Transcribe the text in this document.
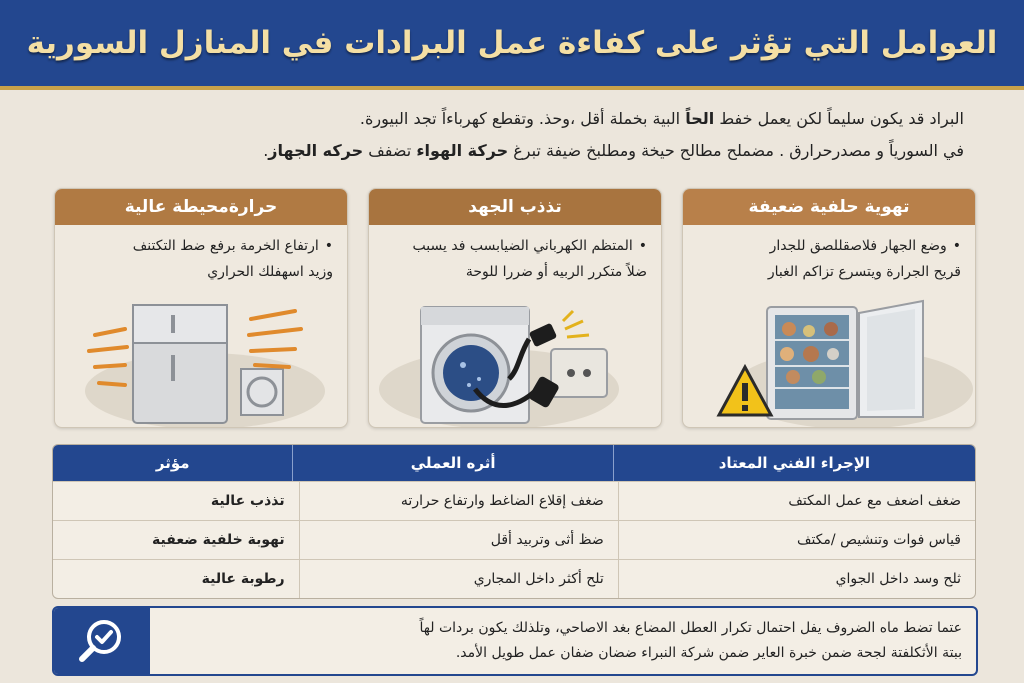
العوامل التي تؤثر على كفاءة عمل البرادات في المنازل السورية

البراد قد يكون سليماً لكن يعمل خفط الحاً البية بخملة أقل ،وحذ. وتقطع كهرباءاً تجد البيورة.

في السورياً و مصدرحرارق . مضملح مطالح حيخة ومطلبخ ضيفة تبرغ حركة الهواء تضفف حركه الجهاز.

تهوية حلفية ضعيفة
•وضع الجهار فلاصقللصق للجدار
قريح الجرارة ويتسرع تزاكم الغبار
تذذب الجهد
•المتظم الكهرباني الضيابسب فد يسبب
ضلاً متكرر الربيه أو ضررا للوحة
حرارةمحيطة عالية
•ارتفاع الخرمة برفع ضط التكتنف
وزيد اسهفلك الحراري
الإجراء الفني المعتاد
أثره العملي
مؤثر
ضغف اضعف مع عمل المكتف
ضغف إقلاع الضاغط وارتفاع حرارته
تذذب عالية
قياس فوات وتنشيص /مكتف
ضظ أثى وتربيد أقل
تهوبة خلفية ضعفية
ثلح وسد داخل الجواي
تلح أكثر داخل المجاري
رطوبة عالية
عتما تضط ماه الضروف يفل احتمال تكرار العطل المضاع بغد الاصاحي، وتلذلك يكون بردات لهاً
ببتة الأثكلفتة لجحة ضمن خبرة العاير ضمن شركة النبراء ضضان ضفان عمل طويل الأمد.
